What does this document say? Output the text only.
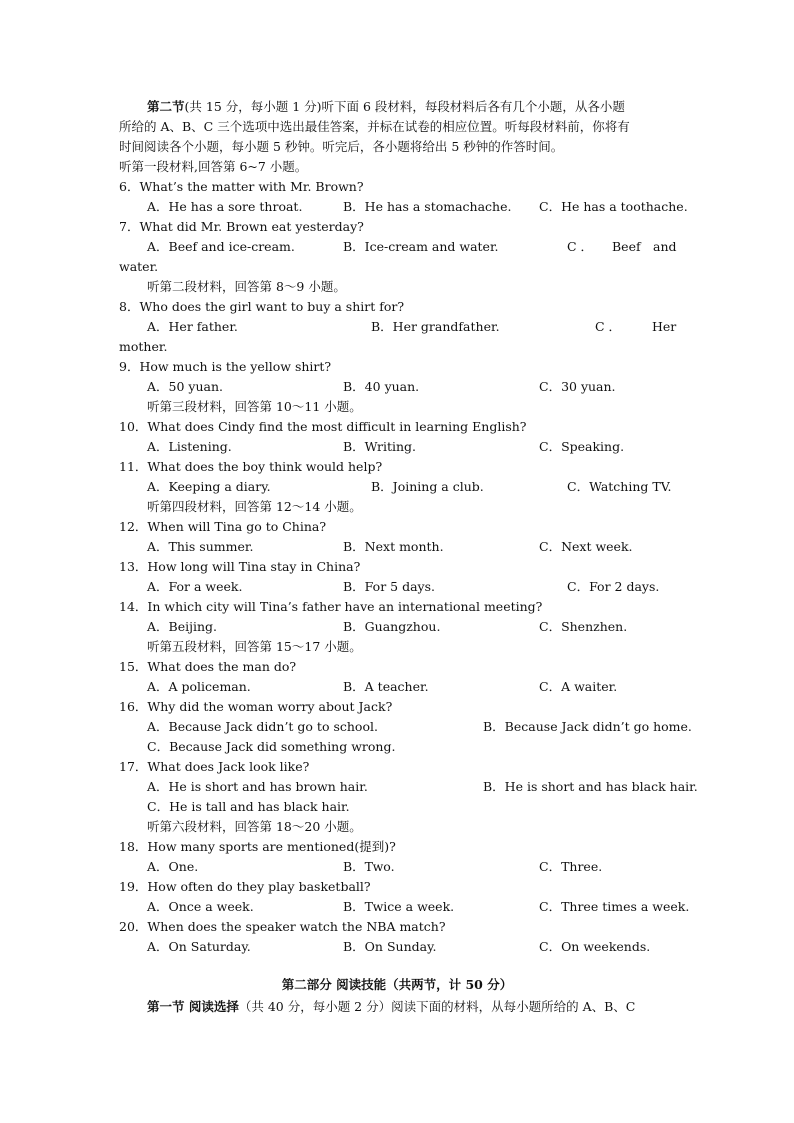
第二节(共 15 分，每小题 1 分)听下面 6 段材料，每段材料后各有几个小题，从各小题
所给的 A、B、C 三个选项中选出最佳答案，并标在试卷的相应位置。听每段材料前，你将有
时间阅读各个小题，每小题 5 秒钟。听完后，各小题将给出 5 秒钟的作答时间。
听第一段材料,回答第 6~7 小题。
6．What’s the matter with Mr. Brown?
A．He has a sore throat.	B．He has a stomachache. C．He has a toothache.
7．What did Mr. Brown eat yesterday?
A．Beef and ice-cream.	B．Ice-cream and water.	C ． Beef and
water.
听第二段材料，回答第 8～9 小题。
8．Who does the girl want to buy a shirt for?
A．Her father.	B．Her grandfather.	C ． Her
mother.
9．How much is the yellow shirt?
A．50 yuan.	B．40 yuan.	C．30 yuan.
听第三段材料，回答第 10～11 小题。
10．What does Cindy find the most difficult in learning English?
A．Listening.	B．Writing.	C．Speaking.
11．What does the boy think would help?
A．Keeping a diary.	B．Joining a club.	C．Watching TV.
听第四段材料，回答第 12～14 小题。
12．When will Tina go to China?
A．This summer.	B．Next month.	C．Next week.
13．How long will Tina stay in China?
A．For a week.	B．For 5 days.	C．For 2 days.
14．In which city will Tina’s father have an international meeting?
A．Beijing.	B．Guangzhou.	C．Shenzhen.
听第五段材料，回答第 15～17 小题。
15．What does the man do?
A．A policeman.	B．A teacher.	C．A waiter.
16．Why did the woman worry about Jack?
A．Because Jack didn’t go to school.	B．Because Jack didn’t go home.
C．Because Jack did something wrong.
17．What does Jack look like?
A．He is short and has brown hair.	B．He is short and has black hair.
C．He is tall and has black hair.
听第六段材料，回答第 18～20 小题。
18．How many sports are mentioned(提到)?
A．One.	B．Two.	C．Three.
19．How often do they play basketball?
A．Once a week.	B．Twice a week.	C．Three times a week.
20．When does the speaker watch the NBA match?
A．On Saturday.	B．On Sunday.	C．On weekends.
第二部分 阅读技能（共两节，计 50 分）
第一节 阅读选择（共 40 分，每小题 2 分）阅读下面的材料，从每小题所给的 A、B、C
